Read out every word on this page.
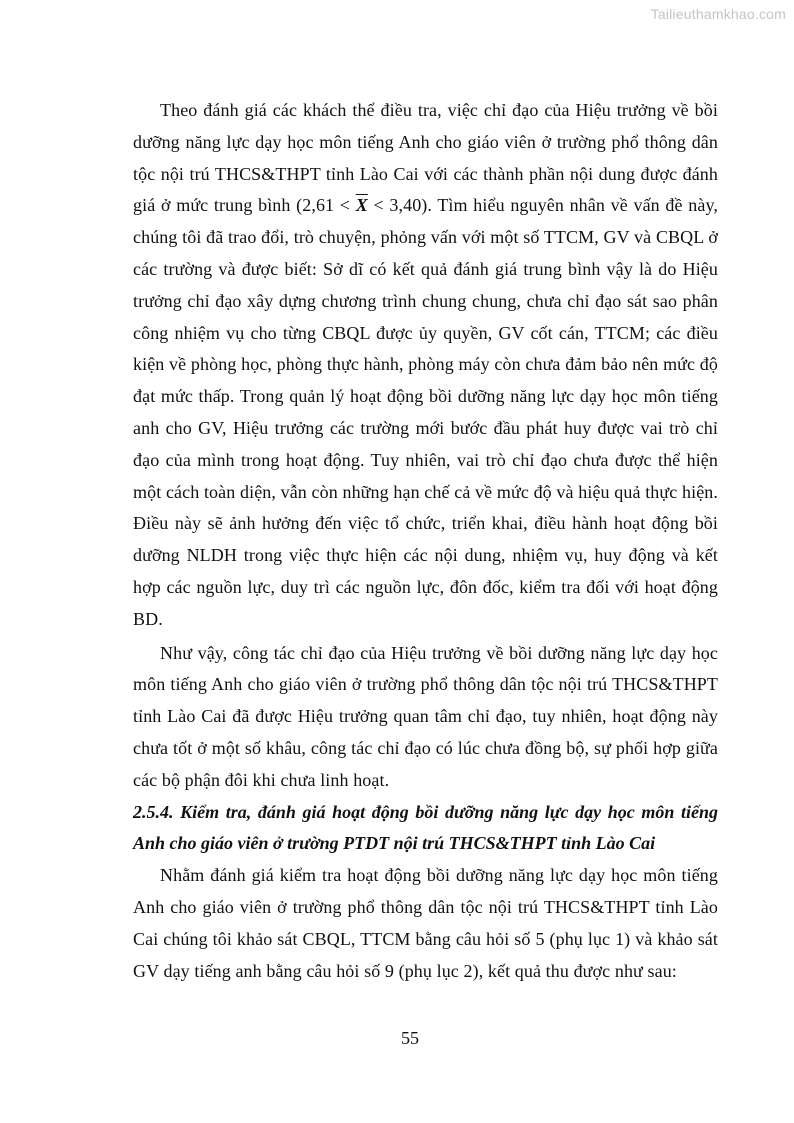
Tailieuthamkhao.com

Theo đánh giá các khách thể điều tra, việc chỉ đạo của Hiệu trưởng về bồi dưỡng năng lực dạy học môn tiếng Anh cho giáo viên ở trường phổ thông dân tộc nội trú THCS&THPT tỉnh Lào Cai với các thành phần nội dung được đánh giá ở mức trung bình $(2,61 < \overline{X} < 3,40)$. Tìm hiểu nguyên nhân về vấn đề này, chúng tôi đã trao đổi, trò chuyện, phỏng vấn với một số TTCM, GV và CBQL ở các trường và được biết: Sở dĩ có kết quả đánh giá trung bình vậy là do Hiệu trưởng chỉ đạo xây dựng chương trình chung chung, chưa chỉ đạo sát sao phân công nhiệm vụ cho từng CBQL được ủy quyền, GV cốt cán, TTCM; các điều kiện về phòng học, phòng thực hành, phòng máy còn chưa đảm bảo nên mức độ đạt mức thấp. Trong quản lý hoạt động bồi dưỡng năng lực dạy học môn tiếng anh cho GV, Hiệu trưởng các trường mới bước đầu phát huy được vai trò chỉ đạo của mình trong hoạt động. Tuy nhiên, vai trò chỉ đạo chưa được thể hiện một cách toàn diện, vẫn còn những hạn chế cả về mức độ và hiệu quả thực hiện. Điều này sẽ ảnh hưởng đến việc tổ chức, triển khai, điều hành hoạt động bồi dưỡng NLDH trong việc thực hiện các nội dung, nhiệm vụ, huy động và kết hợp các nguồn lực, duy trì các nguồn lực, đôn đốc, kiểm tra đối với hoạt động BD.

Như vậy, công tác chỉ đạo của Hiệu trưởng về bồi dưỡng năng lực dạy học môn tiếng Anh cho giáo viên ở trường phổ thông dân tộc nội trú THCS&THPT tỉnh Lào Cai đã được Hiệu trưởng quan tâm chỉ đạo, tuy nhiên, hoạt động này chưa tốt ở một số khâu, công tác chỉ đạo có lúc chưa đồng bộ, sự phối hợp giữa các bộ phận đôi khi chưa linh hoạt.

2.5.4. Kiểm tra, đánh giá hoạt động bồi dưỡng năng lực dạy học môn tiếng Anh cho giáo viên ở trường PTDT nội trú THCS&THPT tỉnh Lào Cai

Nhằm đánh giá kiểm tra hoạt động bồi dưỡng năng lực dạy học môn tiếng Anh cho giáo viên ở trường phổ thông dân tộc nội trú THCS&THPT tỉnh Lào Cai chúng tôi khảo sát CBQL, TTCM bằng câu hỏi số 5 (phụ lục 1) và khảo sát GV dạy tiếng anh bằng câu hỏi số 9 (phụ lục 2), kết quả thu được như sau:

55
